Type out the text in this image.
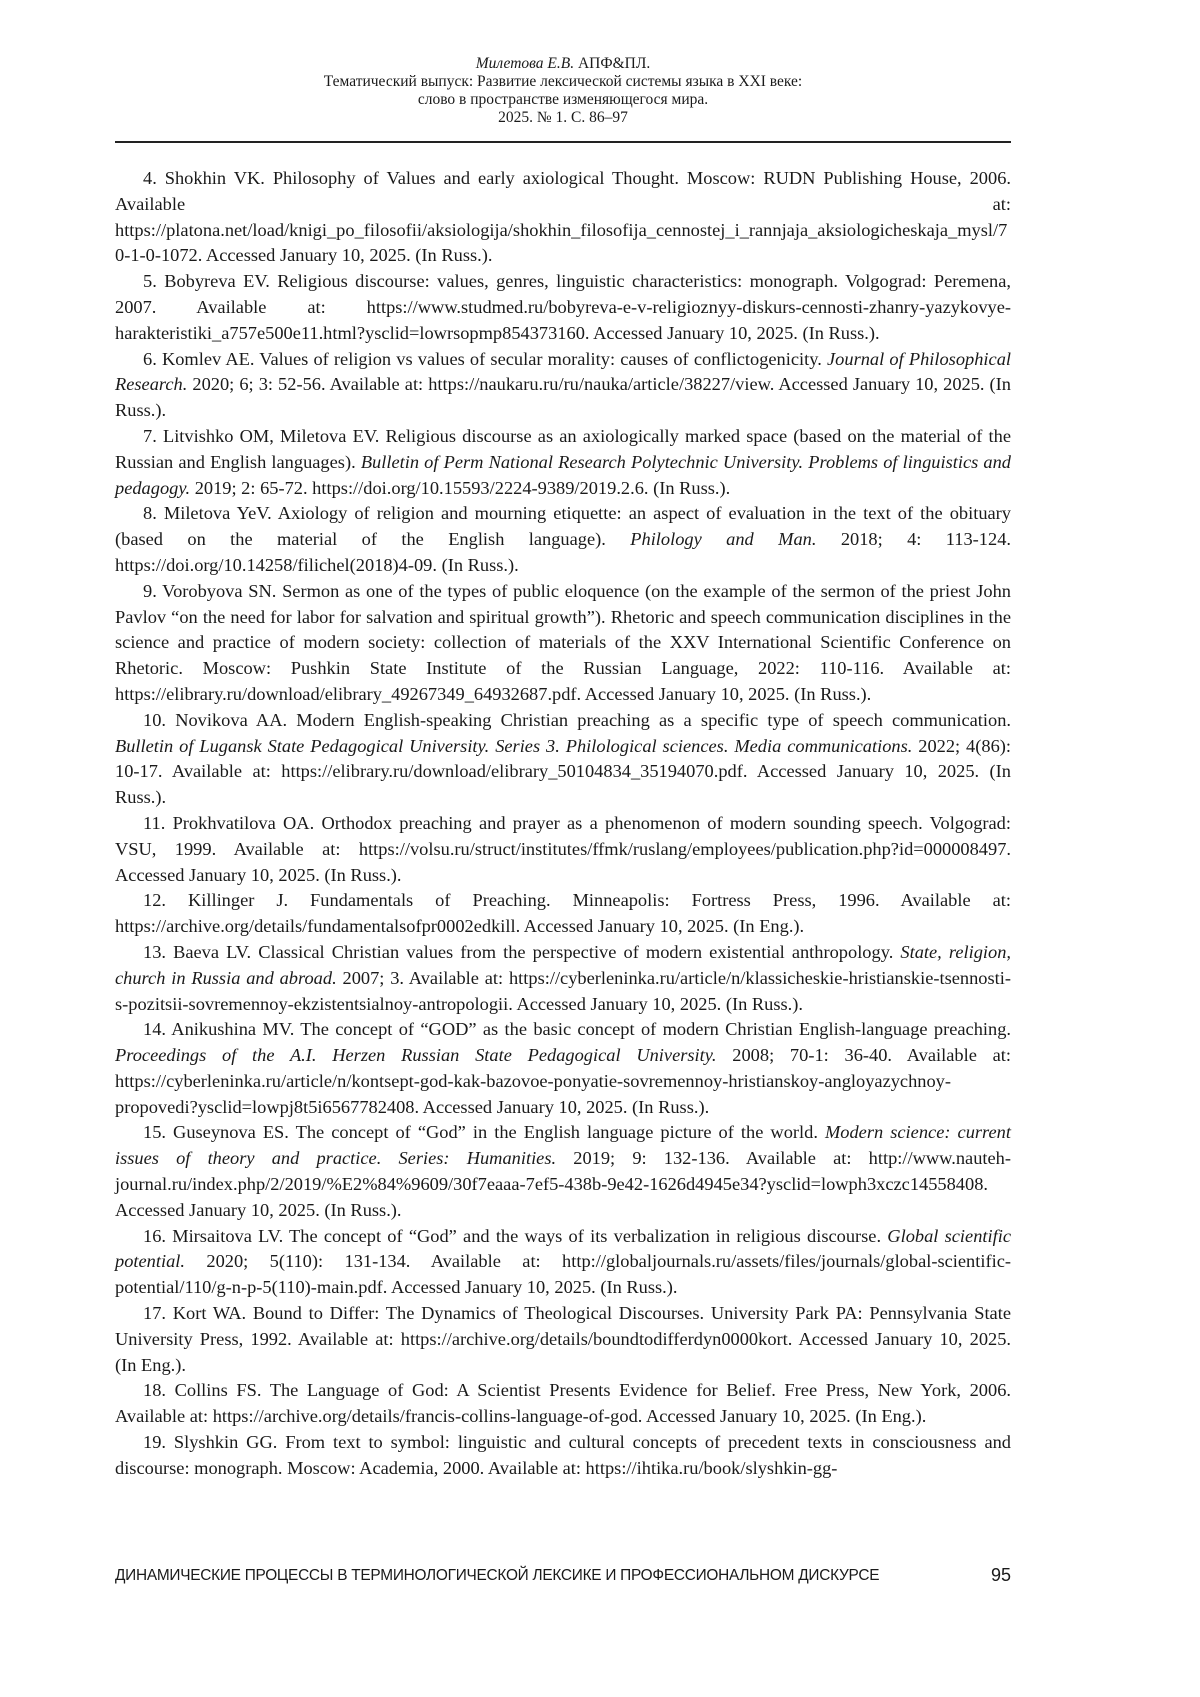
Милетова Е.В. АПФ&ПЛ.
Тематический выпуск: Развитие лексической системы языка в XXI веке:
слово в пространстве изменяющегося мира.
2025. № 1. С. 86–97

4. Shokhin VK. Philosophy of Values and early axiological Thought. Moscow: RUDN Publishing House, 2006. Available at: https://platona.net/load/knigi_po_filosofii/aksiologija/shokhin_filosofija_cennostej_i_rannjaja_aksiologicheskaja_mysl/70-1-0-1072. Accessed January 10, 2025. (In Russ.).

5. Bobyreva EV. Religious discourse: values, genres, linguistic characteristics: monograph. Volgograd: Peremena, 2007. Available at: https://www.studmed.ru/bobyreva-e-v-religioznyy-diskurs-cennosti-zhanry-yazykovye-harakteristiki_a757e500e11.html?ysclid=lowrsopmp854373160. Accessed January 10, 2025. (In Russ.).

6. Komlev AE. Values of religion vs values of secular morality: causes of conflictogenicity. Journal of Philosophical Research. 2020; 6; 3: 52-56. Available at: https://naukaru.ru/ru/nauka/article/38227/view. Accessed January 10, 2025. (In Russ.).

7. Litvishko OM, Miletova EV. Religious discourse as an axiologically marked space (based on the material of the Russian and English languages). Bulletin of Perm National Research Polytechnic University. Problems of linguistics and pedagogy. 2019; 2: 65-72. https://doi.org/10.15593/2224-9389/2019.2.6. (In Russ.).

8. Miletova YeV. Axiology of religion and mourning etiquette: an aspect of evaluation in the text of the obituary (based on the material of the English language). Philology and Man. 2018; 4: 113-124. https://doi.org/10.14258/filichel(2018)4-09. (In Russ.).

9. Vorobyova SN. Sermon as one of the types of public eloquence (on the example of the sermon of the priest John Pavlov “on the need for labor for salvation and spiritual growth”). Rhetoric and speech communication disciplines in the science and practice of modern society: collection of materials of the XXV International Scientific Conference on Rhetoric. Moscow: Pushkin State Institute of the Russian Language, 2022: 110-116. Available at: https://elibrary.ru/download/elibrary_49267349_64932687.pdf. Accessed January 10, 2025. (In Russ.).

10. Novikova AA. Modern English-speaking Christian preaching as a specific type of speech communication. Bulletin of Lugansk State Pedagogical University. Series 3. Philological sciences. Media communications. 2022; 4(86): 10-17. Available at: https://elibrary.ru/download/elibrary_50104834_35194070.pdf. Accessed January 10, 2025. (In Russ.).

11. Prokhvatilova OA. Orthodox preaching and prayer as a phenomenon of modern sounding speech. Volgograd: VSU, 1999. Available at: https://volsu.ru/struct/institutes/ffmk/ruslang/employees/publication.php?id=000008497. Accessed January 10, 2025. (In Russ.).

12. Killinger J. Fundamentals of Preaching. Minneapolis: Fortress Press, 1996. Available at: https://archive.org/details/fundamentalsofpr0002edkill. Accessed January 10, 2025. (In Eng.).

13. Baeva LV. Classical Christian values from the perspective of modern existential anthropology. State, religion, church in Russia and abroad. 2007; 3. Available at: https://cyberleninka.ru/article/n/klassicheskie-hristianskie-tsennosti-s-pozitsii-sovremennoy-ekzistentsialnoy-antropologii. Accessed January 10, 2025. (In Russ.).

14. Anikushina MV. The concept of “GOD” as the basic concept of modern Christian English-language preaching. Proceedings of the A.I. Herzen Russian State Pedagogical University. 2008; 70-1: 36-40. Available at: https://cyberleninka.ru/article/n/kontsept-god-kak-bazovoe-ponyatie-sovremennoy-hristianskoy-angloyazychnoy-propovedi?ysclid=lowpj8t5i6567782408. Accessed January 10, 2025. (In Russ.).

15. Guseynova ES. The concept of “God” in the English language picture of the world. Modern science: current issues of theory and practice. Series: Humanities. 2019; 9: 132-136. Available at: http://www.nauteh-journal.ru/index.php/2/2019/%E2%84%9609/30f7eaaa-7ef5-438b-9e42-1626d4945e34?ysclid=lowph3xczc14558408. Accessed January 10, 2025. (In Russ.).

16. Mirsaitova LV. The concept of “God” and the ways of its verbalization in religious discourse. Global scientific potential. 2020; 5(110): 131-134. Available at: http://globaljournals.ru/assets/files/journals/global-scientific-potential/110/g-n-p-5(110)-main.pdf. Accessed January 10, 2025. (In Russ.).

17. Kort WA. Bound to Differ: The Dynamics of Theological Discourses. University Park PA: Pennsylvania State University Press, 1992. Available at: https://archive.org/details/boundtodifferdyn0000kort. Accessed January 10, 2025. (In Eng.).

18. Collins FS. The Language of God: A Scientist Presents Evidence for Belief. Free Press, New York, 2006. Available at: https://archive.org/details/francis-collins-language-of-god. Accessed January 10, 2025. (In Eng.).

19. Slyshkin GG. From text to symbol: linguistic and cultural concepts of precedent texts in consciousness and discourse: monograph. Moscow: Academia, 2000. Available at: https://ihtika.ru/book/slyshkin-gg-

ДИНАМИЧЕСКИЕ ПРОЦЕССЫ В ТЕРМИНОЛОГИЧЕСКОЙ ЛЕКСИКЕ И ПРОФЕССИОНАЛЬНОМ ДИСКУРСЕ	95
